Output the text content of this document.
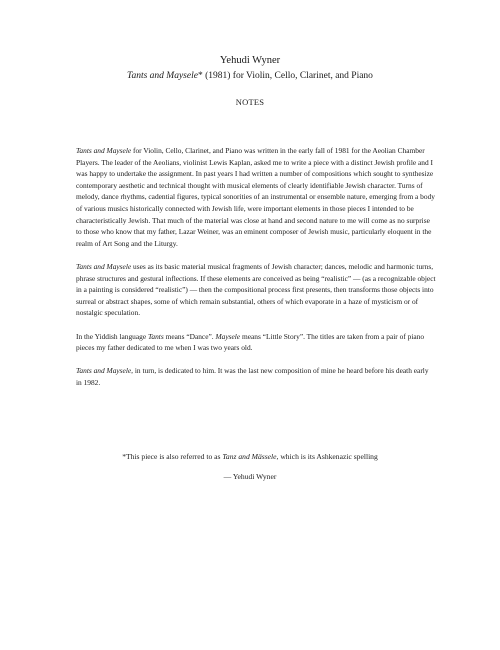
Yehudi Wyner
Tants and Maysele* (1981) for Violin, Cello, Clarinet, and Piano
NOTES

Tants and Maysele for Violin, Cello, Clarinet, and Piano was written in the early fall of 1981 for the Aeolian Chamber Players. The leader of the Aeolians, violinist Lewis Kaplan, asked me to write a piece with a distinct Jewish profile and I was happy to undertake the assignment. In past years I had written a number of compositions which sought to synthesize contemporary aesthetic and technical thought with musical elements of clearly identifiable Jewish character. Turns of melody, dance rhythms, cadential figures, typical sonorities of an instrumental or ensemble nature, emerging from a body of various musics historically connected with Jewish life, were important elements in those pieces I intended to be characteristically Jewish. That much of the material was close at hand and second nature to me will come as no surprise to those who know that my father, Lazar Weiner, was an eminent composer of Jewish music, particularly eloquent in the realm of Art Song and the Liturgy.

Tants and Maysele uses as its basic material musical fragments of Jewish character; dances, melodic and harmonic turns, phrase structures and gestural inflections. If these elements are conceived as being “realistic” — (as a recognizable object in a painting is considered “realistic”) — then the compositional process first presents, then transforms those objects into surreal or abstract shapes, some of which remain substantial, others of which evaporate in a haze of mysticism or of nostalgic speculation.

In the Yiddish language Tants means “Dance”. Maysele means “Little Story”. The titles are taken from a pair of piano pieces my father dedicated to me when I was two years old.

Tants and Maysele, in turn, is dedicated to him. It was the last new composition of mine he heard before his death early in 1982.

*This piece is also referred to as Tanz and Mässele, which is its Ashkenazic spelling
— Yehudi Wyner
